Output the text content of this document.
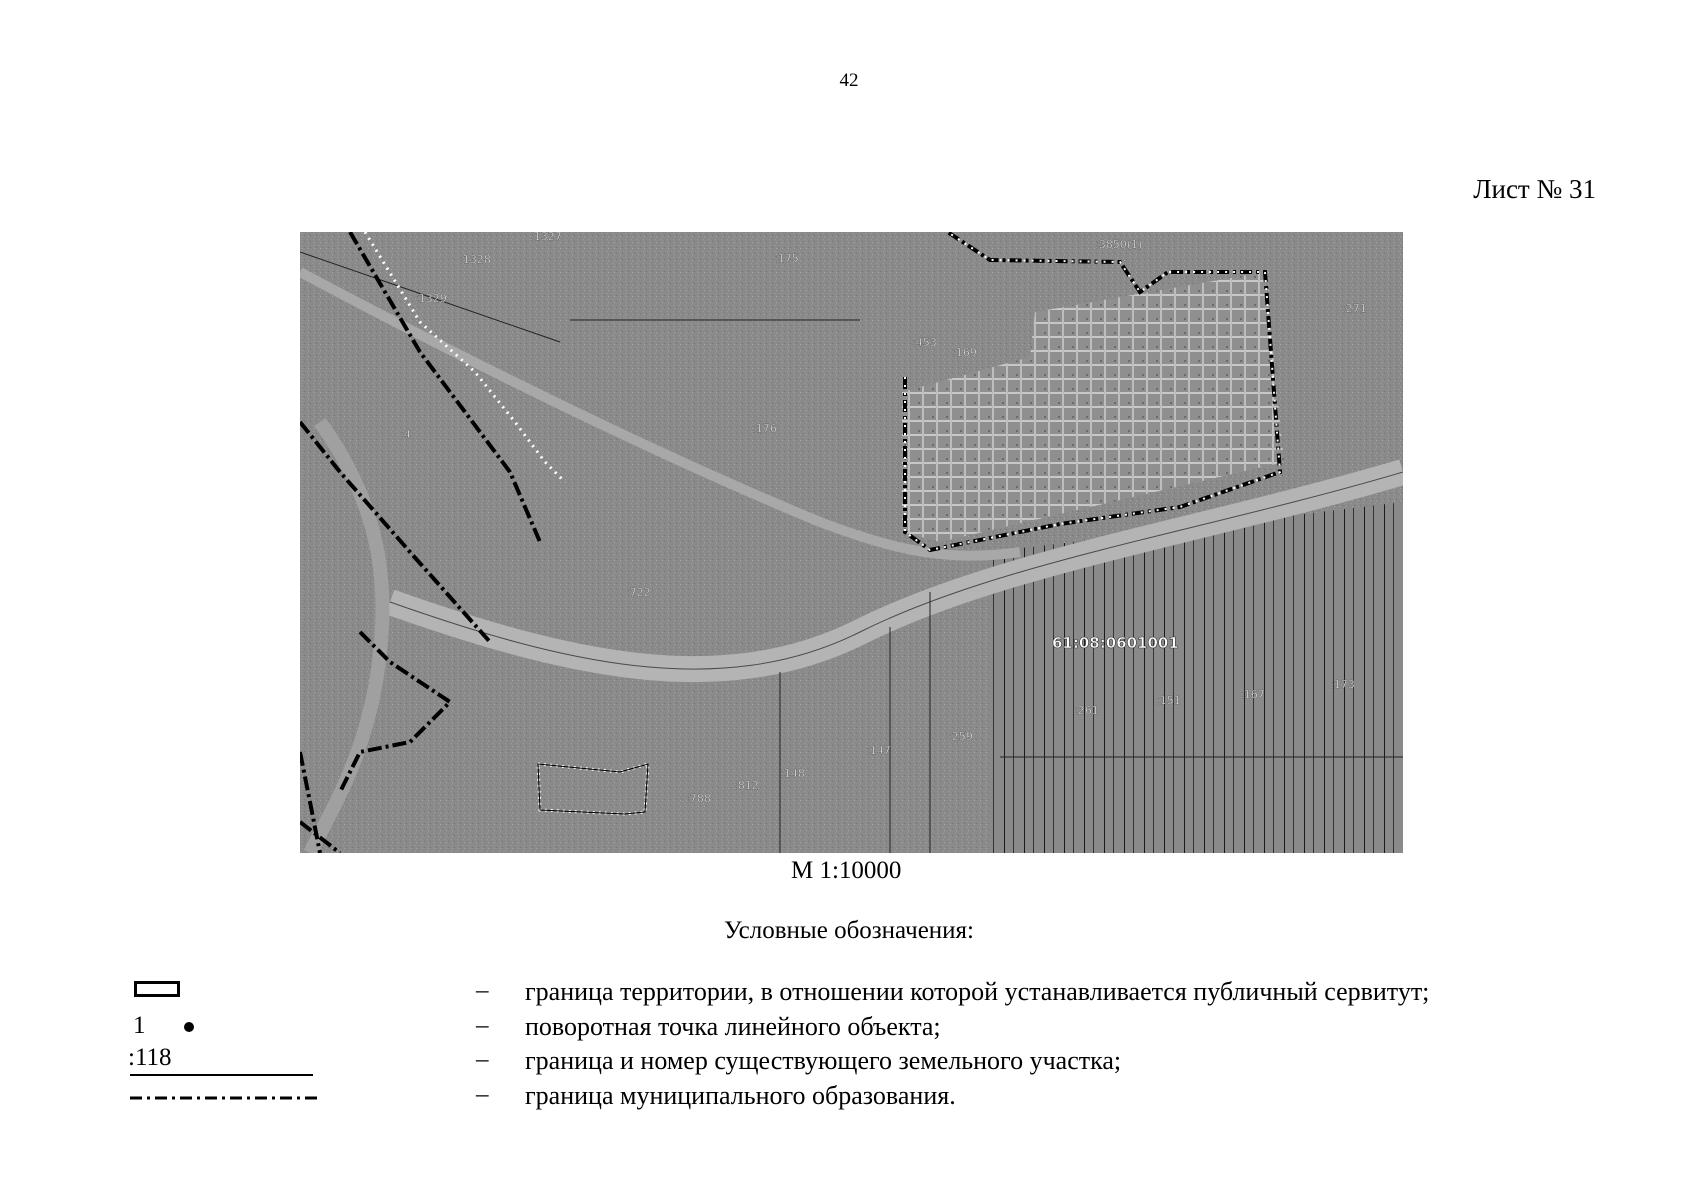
42
Лист № 31
:1327
:1328
:1329
:175
:3850(1)
:453
:169
:271
:4	:176
:722
:261
:151	:167
:173
:259
:147
:148
:812
:788
61:08:0601001
М 1:10000
Условные обозначения:
– граница территории, в отношении которой устанавливается публичный сервитут;
1	– поворотная точка линейного объекта;
:118	– граница и номер существующего земельного участка;
– граница муниципального образования.
